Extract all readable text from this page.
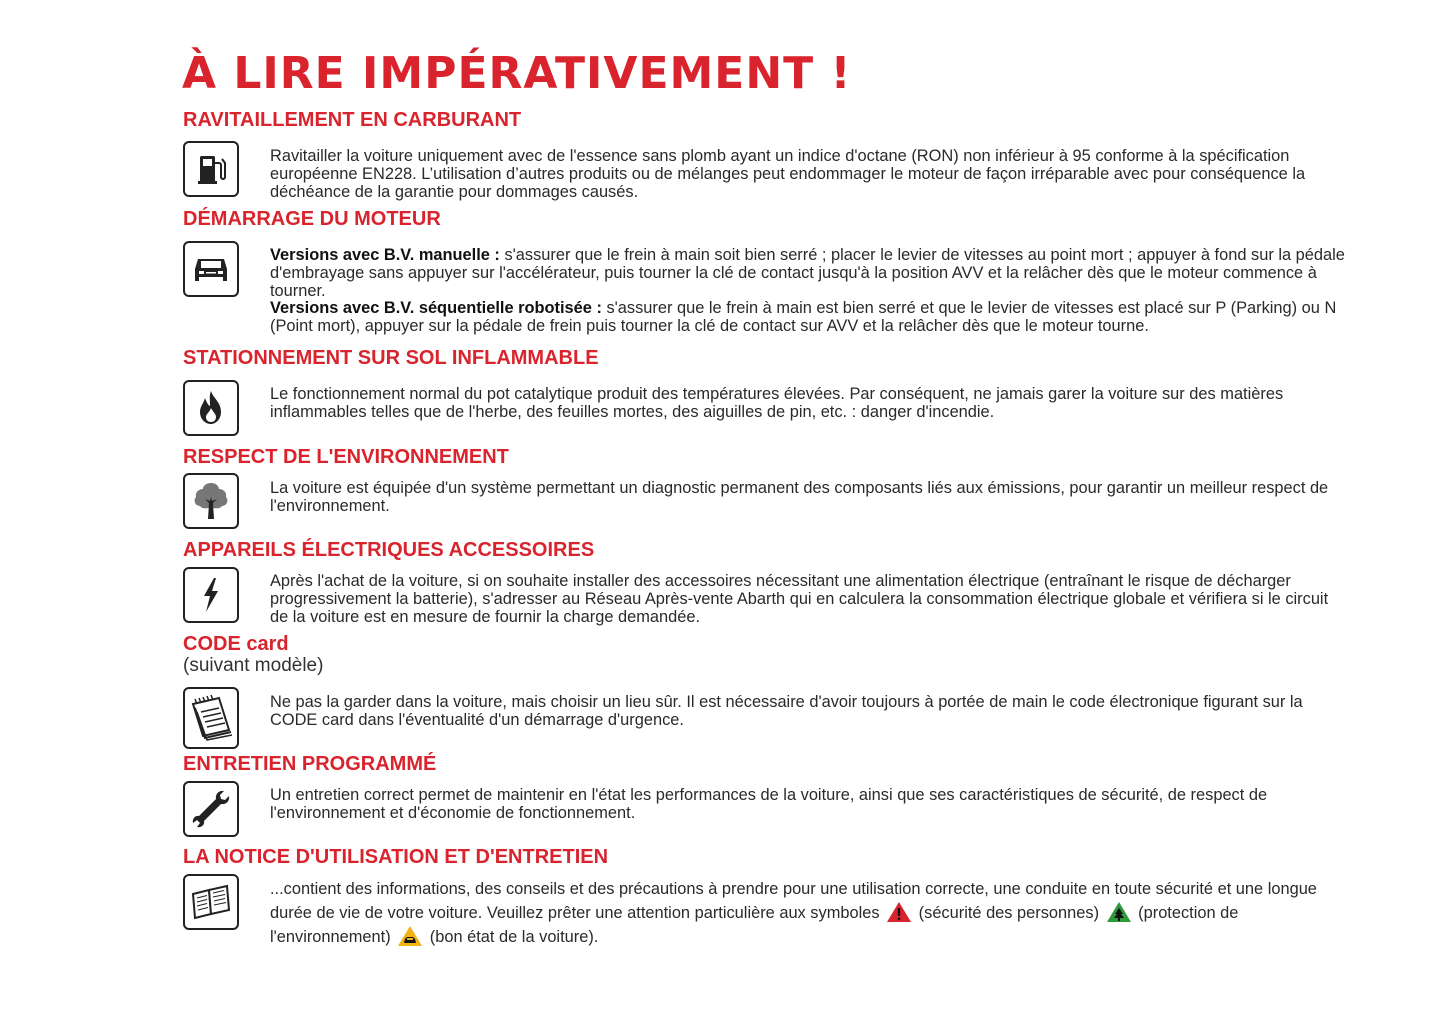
À LIRE IMPÉRATIVEMENT !
RAVITAILLEMENT EN CARBURANT
Ravitailler la voiture uniquement avec de l'essence sans plomb ayant un indice d'octane (RON) non inférieur à 95 conforme à la spécification européenne EN228. L’utilisation d’autres produits ou de mélanges peut endommager le moteur de façon irréparable avec pour conséquence la déchéance de la garantie pour dommages causés.
DÉMARRAGE DU MOTEUR
Versions avec B.V. manuelle : s'assurer que le frein à main soit bien serré ; placer le levier de vitesses au point mort ; appuyer à fond sur la pédale d'embrayage sans appuyer sur l'accélérateur, puis tourner la clé de contact jusqu'à la position AVV et la relâcher dès que le moteur commence à tourner.
Versions avec B.V. séquentielle robotisée : s'assurer que le frein à main est bien serré et que le levier de vitesses est placé sur P (Parking) ou N (Point mort), appuyer sur la pédale de frein puis tourner la clé de contact sur AVV et la relâcher dès que le moteur tourne.
STATIONNEMENT SUR SOL INFLAMMABLE
Le fonctionnement normal du pot catalytique produit des températures élevées. Par conséquent, ne jamais garer la voiture sur des matières inflammables telles que de l'herbe, des feuilles mortes, des aiguilles de pin, etc. : danger d'incendie.
RESPECT DE L'ENVIRONNEMENT
La voiture est équipée d'un système permettant un diagnostic permanent des composants liés aux émissions, pour garantir un meilleur respect de l'environnement.
APPAREILS ÉLECTRIQUES ACCESSOIRES
Après l'achat de la voiture, si on souhaite installer des accessoires nécessitant une alimentation électrique (entraînant le risque de décharger progressivement la batterie), s'adresser au Réseau Après-vente Abarth qui en calculera la consommation électrique globale et vérifiera si le circuit de la voiture est en mesure de fournir la charge demandée.
CODE card
(suivant modèle)
Ne pas la garder dans la voiture, mais choisir un lieu sûr. Il est nécessaire d'avoir toujours à portée de main le code électronique figurant sur la CODE card dans l'éventualité d'un démarrage d'urgence.
ENTRETIEN PROGRAMMÉ
Un entretien correct permet de maintenir en l'état les performances de la voiture, ainsi que ses caractéristiques de sécurité, de respect de l'environnement et d'économie de fonctionnement.
LA NOTICE D'UTILISATION ET D'ENTRETIEN
...contient des informations, des conseils et des précautions à prendre pour une utilisation correcte, une conduite en toute sécurité et une longue durée de vie de votre voiture. Veuillez prêter une attention particulière aux symboles  (sécurité des personnes)  (protection de l'environnement)  (bon état de la voiture).
